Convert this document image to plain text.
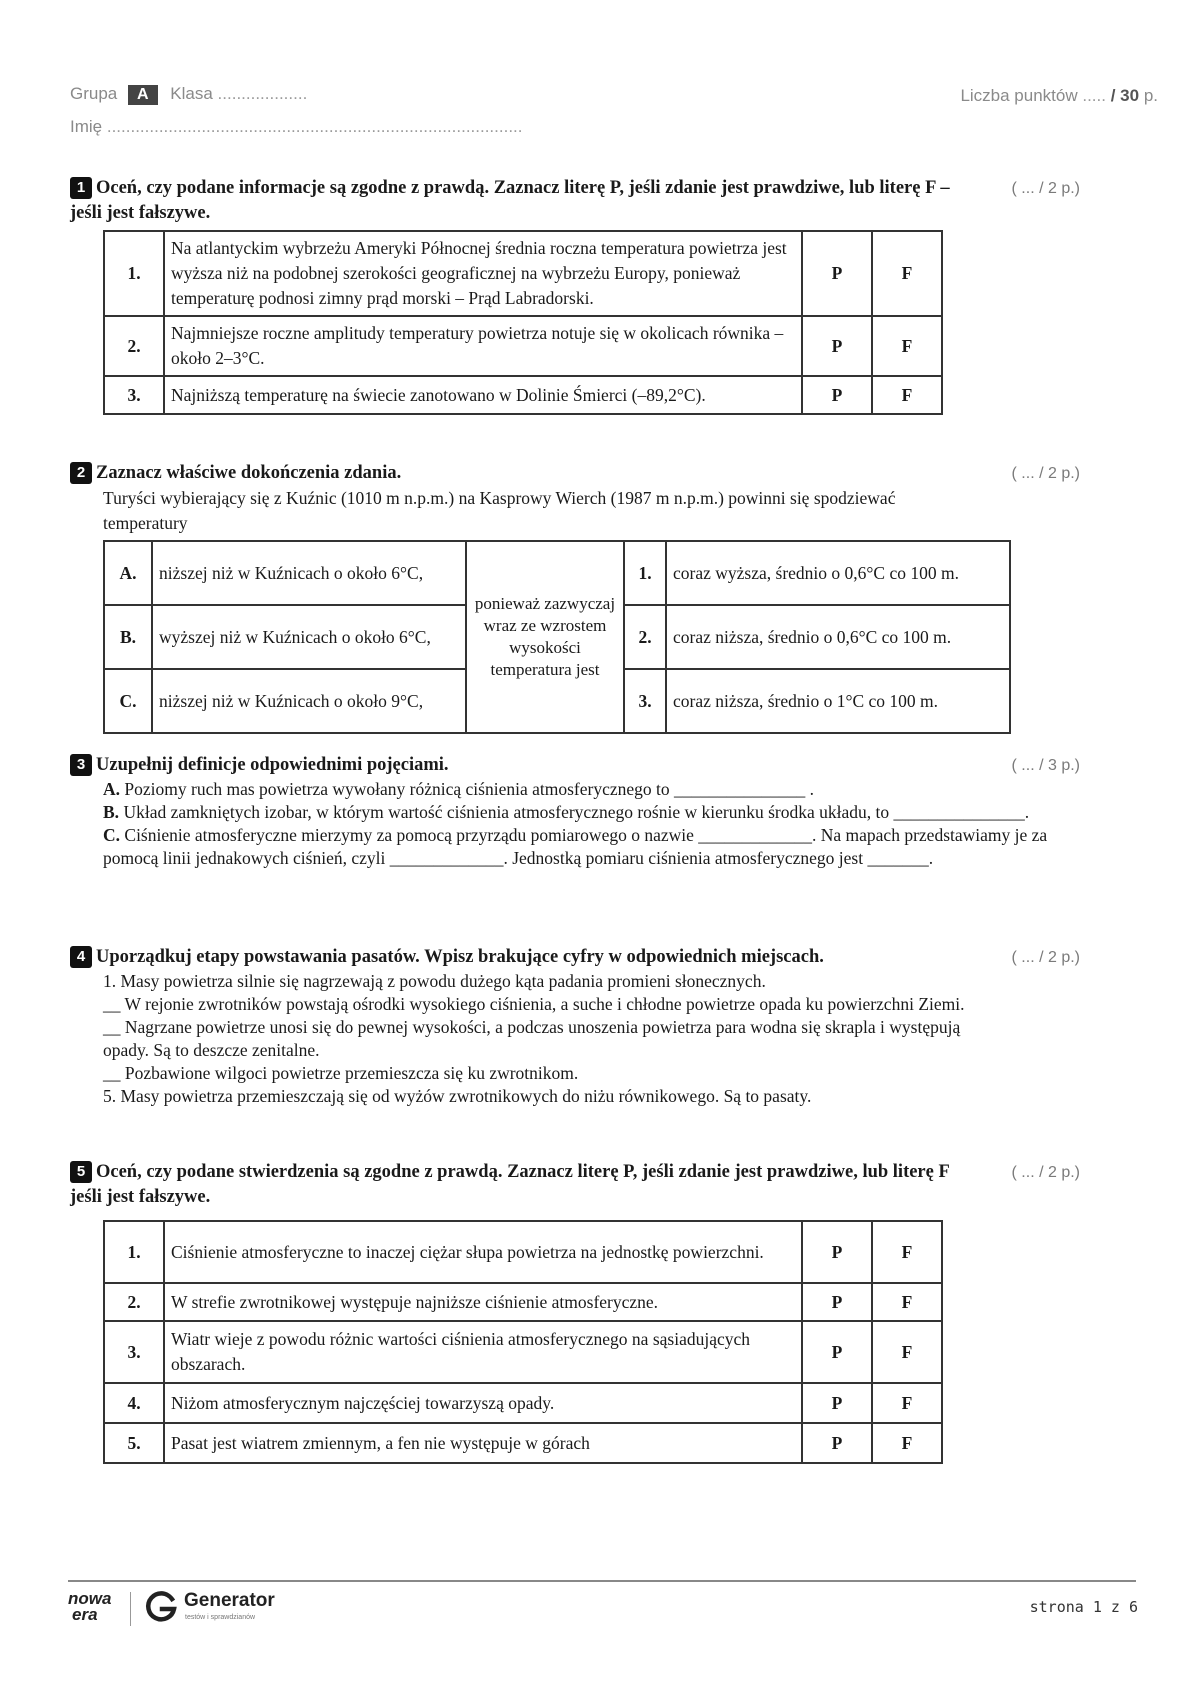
Grupa A Klasa ...................	Liczba punktów ..... / 30 p.
Imię ........................................................................................
1 Oceń, czy podane informacje są zgodne z prawdą. Zaznacz literę P, jeśli zdanie jest prawdziwe, lub literę F – jeśli jest fałszywe.
( ... / 2 p.)
1.	Na atlantyckim wybrzeżu Ameryki Północnej średnia roczna temperatura powietrza jest wyższa niż na podobnej szerokości geograficznej na wybrzeżu Europy, ponieważ temperaturę podnosi zimny prąd morski – Prąd Labradorski.	P	F
2.	Najmniejsze roczne amplitudy temperatury powietrza notuje się w okolicach równika – około 2–3°C.	P	F
3.	Najniższą temperaturę na świecie zanotowano w Dolinie Śmierci (–89,2°C).	P	F
2 Zaznacz właściwe dokończenia zdania.	( ... / 2 p.)
Turyści wybierający się z Kuźnic (1010 m n.p.m.) na Kasprowy Wierch (1987 m n.p.m.) powinni się spodziewać temperatury
A.	niższej niż w Kuźnicach o około 6°C,	ponieważ zazwyczaj wraz ze wzrostem wysokości temperatura jest	1.	coraz wyższa, średnio o 0,6°C co 100 m.
B.	wyższej niż w Kuźnicach o około 6°C,		2.	coraz niższa, średnio o 0,6°C co 100 m.
C.	niższej niż w Kuźnicach o około 9°C,		3.	coraz niższa, średnio o 1°C co 100 m.
3 Uzupełnij definicje odpowiednimi pojęciami.	( ... / 3 p.)
A. Poziomy ruch mas powietrza wywołany różnicą ciśnienia atmosferycznego to _______________ .
B. Układ zamkniętych izobar, w którym wartość ciśnienia atmosferycznego rośnie w kierunku środka układu, to _______________.
C. Ciśnienie atmosferyczne mierzymy za pomocą przyrządu pomiarowego o nazwie _____________. Na mapach przedstawiamy je za pomocą linii jednakowych ciśnień, czyli _____________. Jednostką pomiaru ciśnienia atmosferycznego jest _______.
4 Uporządkuj etapy powstawania pasatów. Wpisz brakujące cyfry w odpowiednich miejscach.	( ... / 2 p.)
1. Masy powietrza silnie się nagrzewają z powodu dużego kąta padania promieni słonecznych.
__ W rejonie zwrotników powstają ośrodki wysokiego ciśnienia, a suche i chłodne powietrze opada ku powierzchni Ziemi.
__ Nagrzane powietrze unosi się do pewnej wysokości, a podczas unoszenia powietrza para wodna się skrapla i występują opady. Są to deszcze zenitalne.
__ Pozbawione wilgoci powietrze przemieszcza się ku zwrotnikom.
5. Masy powietrza przemieszczają się od wyżów zwrotnikowych do niżu równikowego. Są to pasaty.
5 Oceń, czy podane stwierdzenia są zgodne z prawdą. Zaznacz literę P, jeśli zdanie jest prawdziwe, lub literę F jeśli jest fałszywe.
( ... / 2 p.)
1.	Ciśnienie atmosferyczne to inaczej ciężar słupa powietrza na jednostkę powierzchni.	P	F
2.	W strefie zwrotnikowej występuje najniższe ciśnienie atmosferyczne.	P	F
3.	Wiatr wieje z powodu różnic wartości ciśnienia atmosferycznego na sąsiadujących obszarach.	P	F
4.	Niżom atmosferycznym najczęściej towarzyszą opady.	P	F
5.	Pasat jest wiatrem zmiennym, a fen nie występuje w górach	P	F
nowa
era
Generator
testów i sprawdzianów
strona 1 z 6
